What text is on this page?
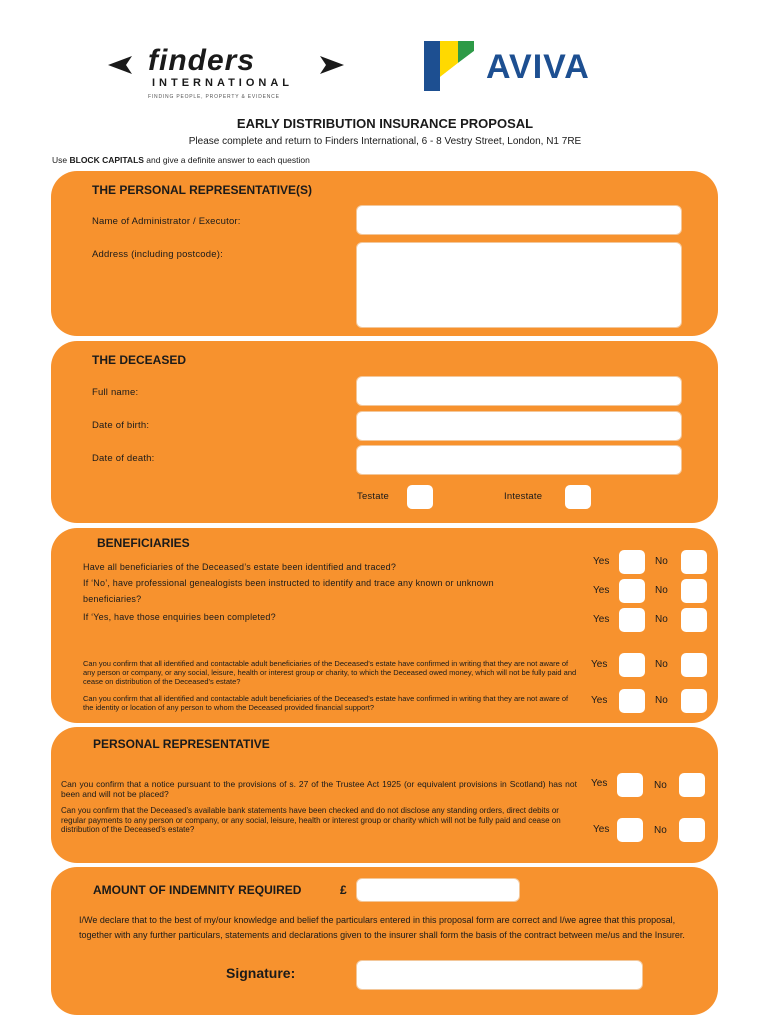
finders
INTERNATIONAL
FINDING PEOPLE, PROPERTY & EVIDENCE
AVIVA
EARLY DISTRIBUTION INSURANCE PROPOSAL
Please complete and return to Finders International, 6 - 8 Vestry Street, London, N1 7RE
Use BLOCK CAPITALS and give a definite answer to each question
THE PERSONAL REPRESENTATIVE(S)
Name of Administrator / Executor:
Address (including postcode):
THE DECEASED
Full name:
Date of birth:
Date of death:
Testate	Intestate
BENEFICIARIES
Have all beneficiaries of the Deceased’s estate been identified and traced?	Yes	No
If ‘No’, have professional genealogists been instructed to identify and trace any known or unknown
beneficiaries?
Yes	No
If ‘Yes, have those enquiries been completed?	Yes	No
Can you confirm that all identified and contactable adult beneficiaries of the Deceased’s estate have confirmed in writing that they are not aware of any person or company, or any social, leisure, health or interest group or charity, to which the Deceased owed money, which will not be fully paid and cease on distribution of the Deceased’s estate?
Yes	No
Can you confirm that all identified and contactable adult beneficiaries of the Deceased’s estate have confirmed in writing that they are not aware of the identity or location of any person to whom the Deceased provided financial support?
Yes	No
PERSONAL REPRESENTATIVE
Can you confirm that a notice pursuant to the provisions of s. 27 of the Trustee Act 1925 (or equivalent provisions in Scotland) has not been and will not be placed?
Yes	No
Can you confirm that the Deceased’s available bank statements have been checked and do not disclose any standing orders, direct debits or regular payments to any person or company, or any social, leisure, health or interest group or charity which will not be fully paid and cease on distribution of the Deceased’s estate?	Yes	No
AMOUNT OF INDEMNITY REQUIRED	£
I/We declare that to the best of my/our knowledge and belief the particulars entered in this proposal form are correct and I/we agree that this proposal, together with any further particulars, statements and declarations given to the insurer shall form the basis of the contract between me/us and the Insurer.
Signature:
